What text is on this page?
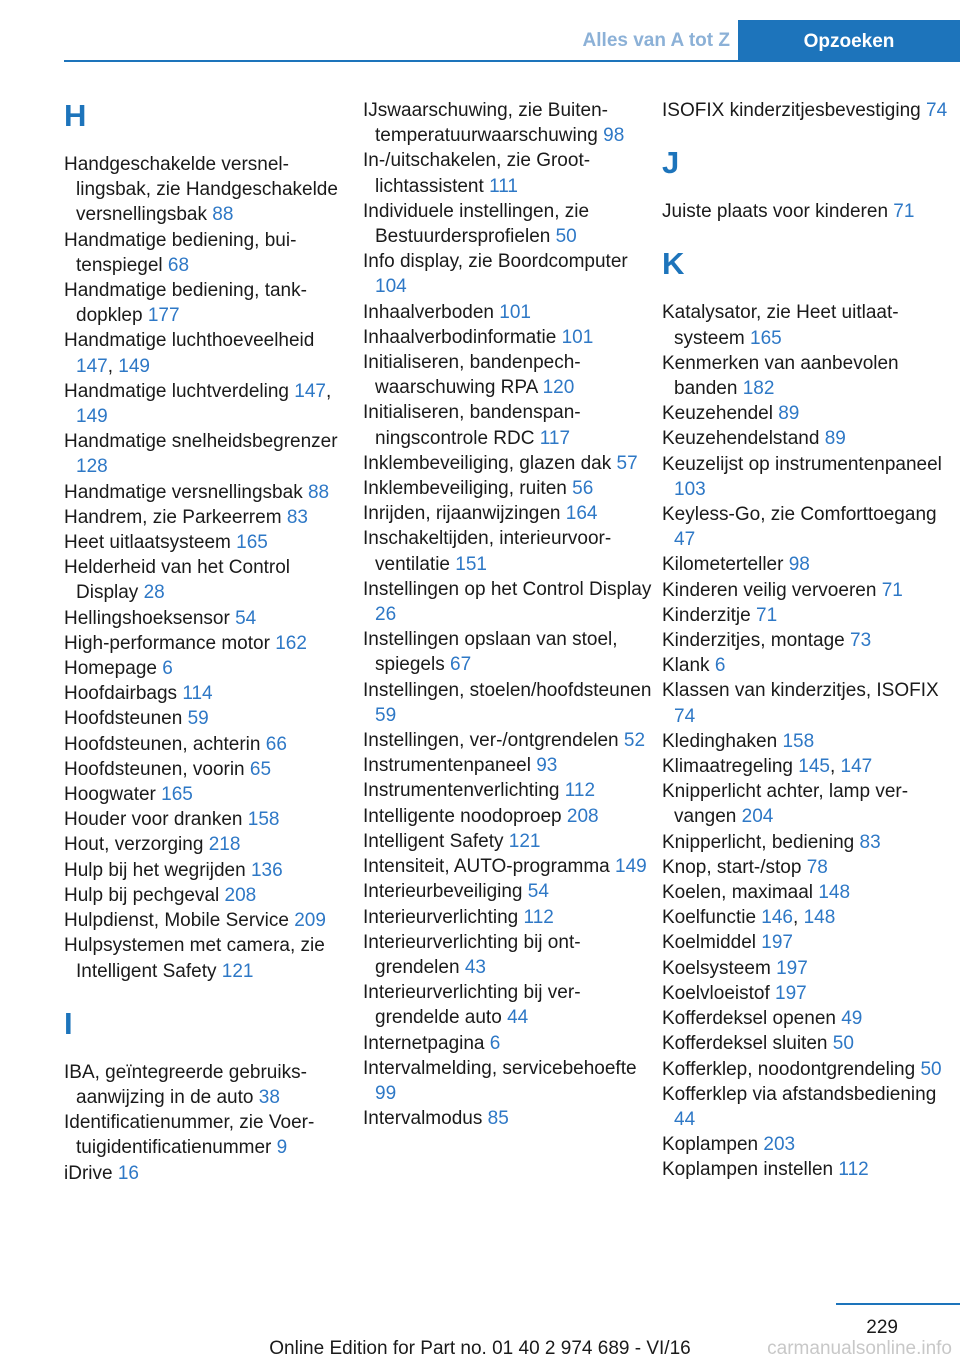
Alles van A tot Z	Opzoeken
H
Handgeschakelde versnellingsbak, zie Handgeschakelde versnellingsbak 88
Handmatige bediening, buitenspiegel 68
Handmatige bediening, tankdopklep 177
Handmatige luchthoeveelheid 147, 149
Handmatige luchtverdeling 147, 149
Handmatige snelheidsbegrenzer 128
Handmatige versnellingsbak 88
Handrem, zie Parkeerrem 83
Heet uitlaatsysteem 165
Helderheid van het Control Display 28
Hellingshoeksensor 54
High-performance motor 162
Homepage 6
Hoofdairbags 114
Hoofdsteunen 59
Hoofdsteunen, achterin 66
Hoofdsteunen, voorin 65
Hoogwater 165
Houder voor dranken 158
Hout, verzorging 218
Hulp bij het wegrijden 136
Hulp bij pechgeval 208
Hulpdienst, Mobile Service 209
Hulpsystemen met camera, zie Intelligent Safety 121
I
IBA, geïntegreerde gebruiksaanwijzing in de auto 38
Identificatienummer, zie Voertuigidentificatienummer 9
iDrive 16
IJswaarschuwing, zie Buitentemperatuurwaarschuwing 98
In-/uitschakelen, zie Grootlichtassistent 111
Individuele instellingen, zie Bestuurdersprofielen 50
Info display, zie Boordcomputer 104
Inhaalverboden 101
Inhaalverbodinformatie 101
Initialiseren, bandenpechwaarschuwing RPA 120
Initialiseren, bandenspanningscontrole RDC 117
Inklembeveiliging, glazen dak 57
Inklembeveiliging, ruiten 56
Inrijden, rijaanwijzingen 164
Inschakeltijden, interieurvoorventilatie 151
Instellingen op het Control Display 26
Instellingen opslaan van stoel, spiegels 67
Instellingen, stoelen/hoofdsteunen 59
Instellingen, ver-/ontgrendelen 52
Instrumentenpaneel 93
Instrumentenverlichting 112
Intelligente noodoproep 208
Intelligent Safety 121
Intensiteit, AUTO-programma 149
Interieurbeveiliging 54
Interieurverlichting 112
Interieurverlichting bij ontgrendelen 43
Interieurverlichting bij vergrendelde auto 44
Internetpagina 6
Intervalmelding, servicebehoefte 99
Intervalmodus 85
ISOFIX kinderzitjesbevestiging 74
J
Juiste plaats voor kinderen 71
K
Katalysator, zie Heet uitlaatsysteem 165
Kenmerken van aanbevolen banden 182
Keuzehendel 89
Keuzehendelstand 89
Keuzelijst op instrumentenpaneel 103
Keyless-Go, zie Comforttoegang 47
Kilometerteller 98
Kinderen veilig vervoeren 71
Kinderzitje 71
Kinderzitjes, montage 73
Klank 6
Klassen van kinderzitjes, ISOFIX 74
Kledinghaken 158
Klimaatregeling 145, 147
Knipperlicht achter, lamp vervangen 204
Knipperlicht, bediening 83
Knop, start-/stop 78
Koelen, maximaal 148
Koelfunctie 146, 148
Koelmiddel 197
Koelsysteem 197
Koelvloeistof 197
Kofferdeksel openen 49
Kofferdeksel sluiten 50
Kofferklep, noodontgrendeling 50
Kofferklep via afstandsbediening 44
Koplampen 203
Koplampen instellen 112
229
Online Edition for Part no. 01 40 2 974 689 - VI/16	carmanualsonline.info
